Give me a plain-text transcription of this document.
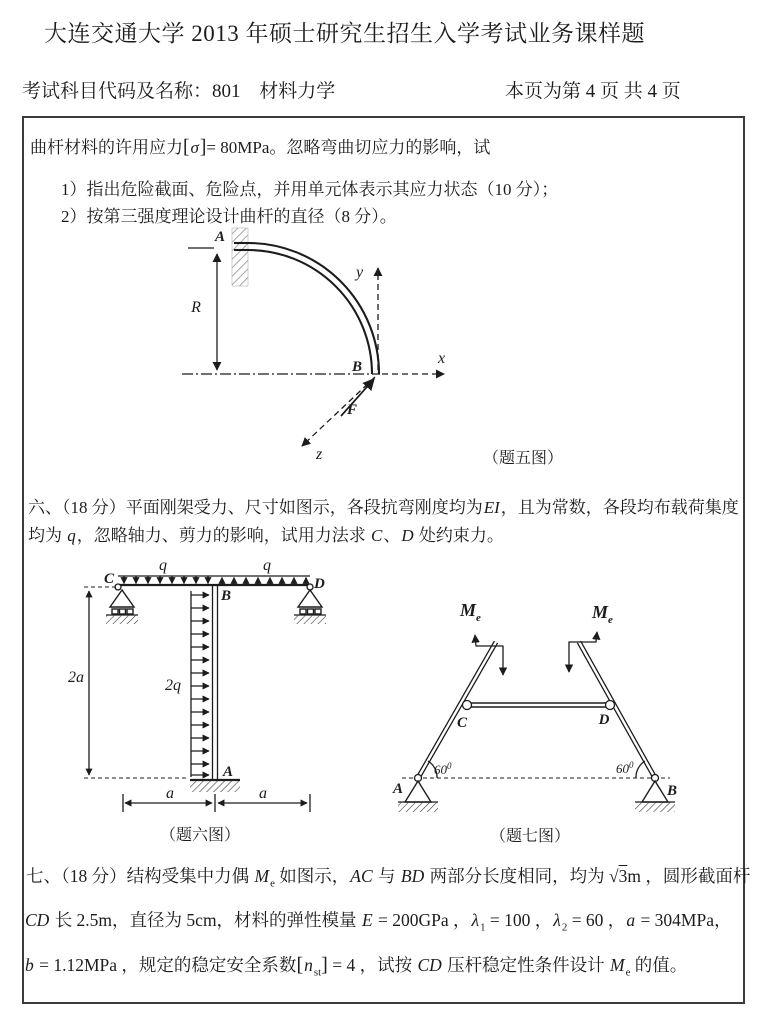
大连交通大学 2013 年硕士研究生招生入学考试业务课样题
考试科目代码及名称：801 材料力学	本页为第 4 页 共 4 页
曲杆材料的许用应力[σ]= 80MPa。忽略弯曲切应力的影响，试
1）指出危险截面、危险点，并用单元体表示其应力状态（10 分）；
2）按第三强度理论设计曲杆的直径（8 分）。
A
R
B
F
x
y
z	（题五图）
六、（18 分）平面刚架受力、尺寸如图示，各段抗弯刚度均为EI，且为常数，各段均布载荷集度
均为 q，忽略轴力、剪力的影响，试用力法求 C、D 处约束力。
q	q
C	D
B
A
2q
2a
a	a
（题六图）
$M_e$	$M_e$
$60^0$	$60^0$
A	B
C	D
（题七图）
七、（18 分）结构受集中力偶 $M_e$ 如图示，AC 与 BD 两部分长度相同，均为 √3m ，圆形截面杆
CD 长 2.5m，直径为 5cm，材料的弹性模量 E = 200GPa ，$\lambda_1 = 100$ ，$\lambda_2 = 60$ ，a = 304MPa，
b = 1.12MPa ，规定的稳定安全系数$[n_{st}] = 4$ ，试按 CD 压杆稳定性条件设计 $M_e$ 的值。
